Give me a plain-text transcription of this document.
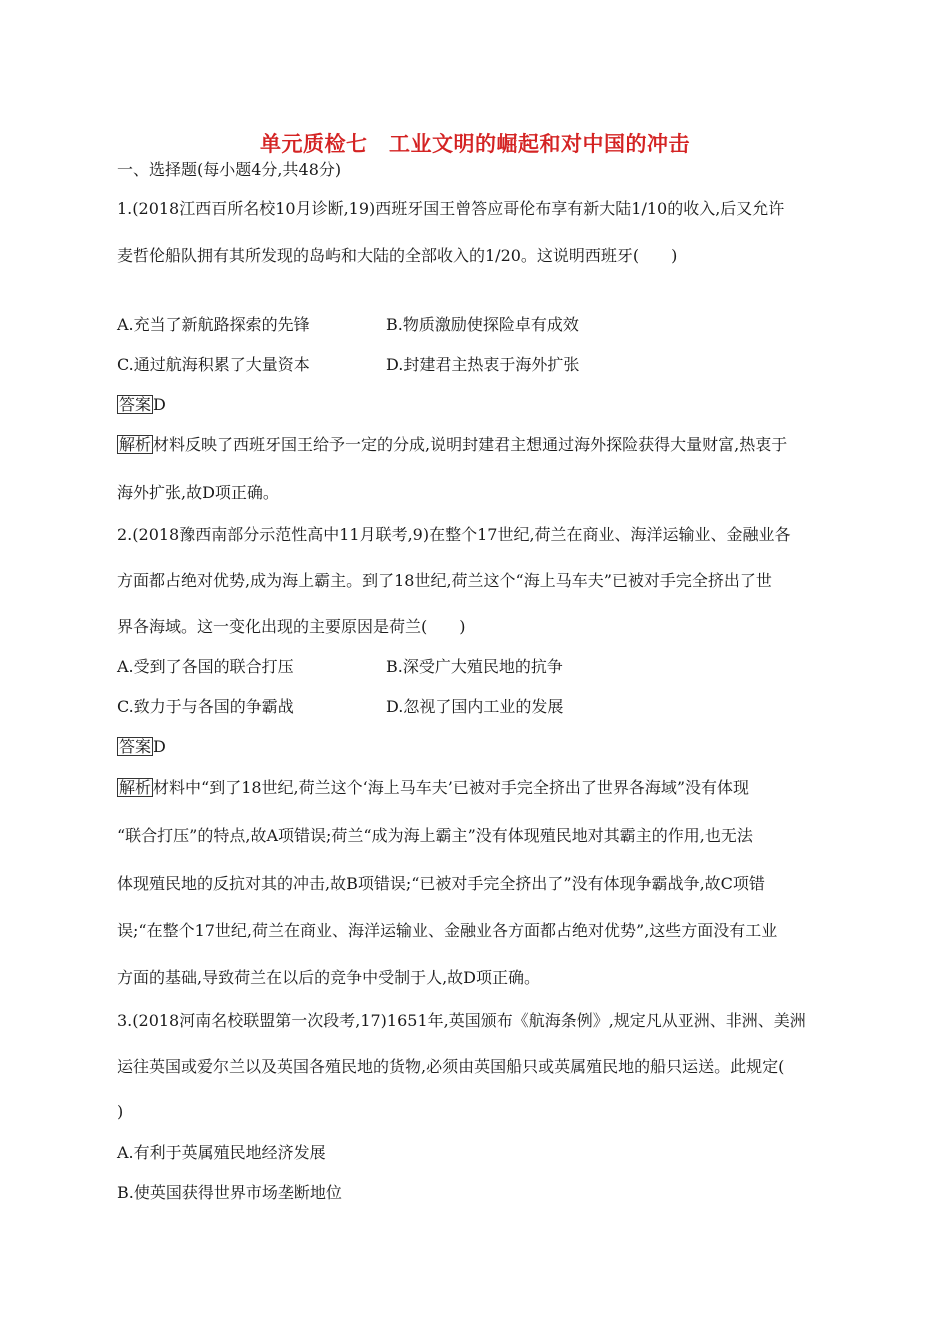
单元质检七　工业文明的崛起和对中国的冲击
一、选择题(每小题4分,共48分)
1.(2018江西百所名校10月诊断,19)西班牙国王曾答应哥伦布享有新大陆1/10的收入,后又允许
麦哲伦船队拥有其所发现的岛屿和大陆的全部收入的1/20。这说明西班牙(　　)
A.充当了新航路探索的先锋	B.物质激励使探险卓有成效
C.通过航海积累了大量资本	D.封建君主热衷于海外扩张
答案 D
解析 材料反映了西班牙国王给予一定的分成,说明封建君主想通过海外探险获得大量财富,热衷于
海外扩张,故D项正确。
2.(2018豫西南部分示范性高中11月联考,9)在整个17世纪,荷兰在商业、海洋运输业、金融业各
方面都占绝对优势,成为海上霸主。到了18世纪,荷兰这个“海上马车夫”已被对手完全挤出了世
界各海域。这一变化出现的主要原因是荷兰(　　)
A.受到了各国的联合打压	B.深受广大殖民地的抗争
C.致力于与各国的争霸战	D.忽视了国内工业的发展
答案 D
解析 材料中“到了18世纪,荷兰这个‘海上马车夫’已被对手完全挤出了世界各海域”没有体现
“联合打压”的特点,故A项错误;荷兰“成为海上霸主”没有体现殖民地对其霸主的作用,也无法
体现殖民地的反抗对其的冲击,故B项错误;“已被对手完全挤出了”没有体现争霸战争,故C项错
误;“在整个17世纪,荷兰在商业、海洋运输业、金融业各方面都占绝对优势”,这些方面没有工业
方面的基础,导致荷兰在以后的竞争中受制于人,故D项正确。
3.(2018河南名校联盟第一次段考,17)1651年,英国颁布《航海条例》,规定凡从亚洲、非洲、美洲
运往英国或爱尔兰以及英国各殖民地的货物,必须由英国船只或英属殖民地的船只运送。此规定(
)
A.有利于英属殖民地经济发展
B.使英国获得世界市场垄断地位
